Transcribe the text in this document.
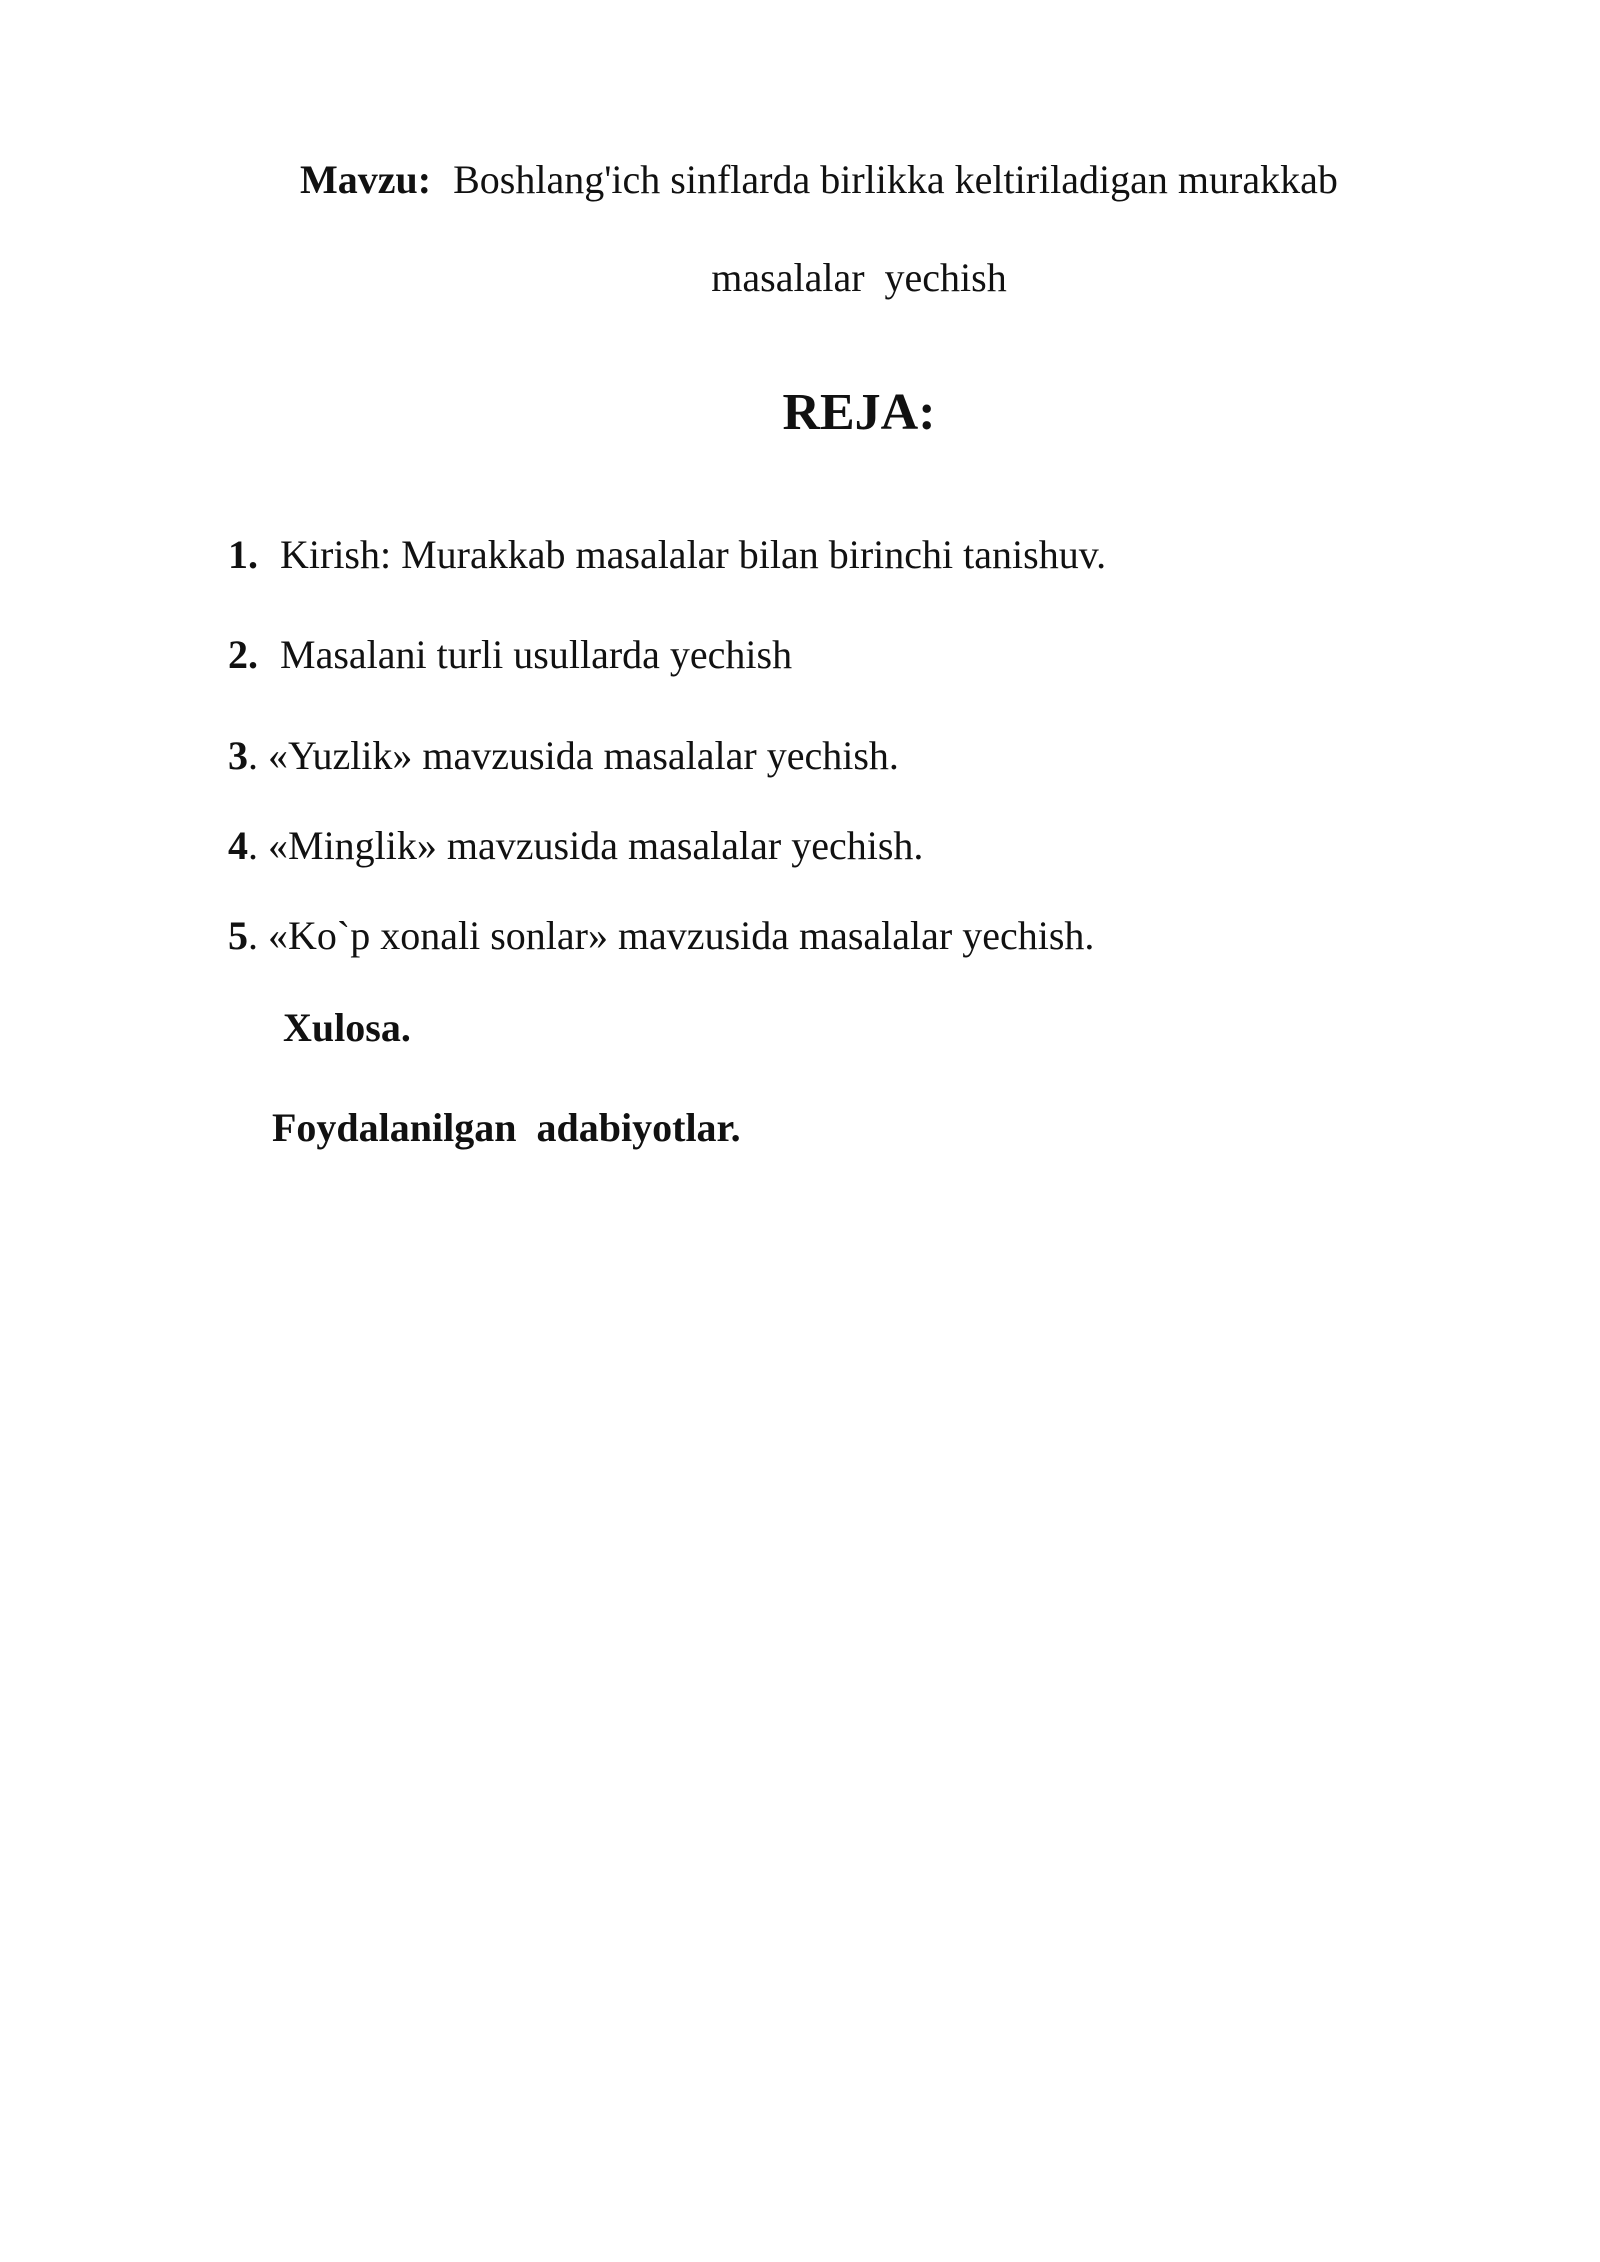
Mavzu: Boshlang'ich sinflarda birlikka keltiriladigan murakkab
masalalar  yechish
REJA:
1. Kirish: Murakkab masalalar bilan birinchi tanishuv.
2. Masalani turli usullarda yechish
3. «Yuzlik» mavzusida masalalar yechish.
4. «Minglik» mavzusida masalalar yechish.
5. «Ko`p xonali sonlar» mavzusida masalalar yechish.
Xulosa.
Foydalanilgan  adabiyotlar.
